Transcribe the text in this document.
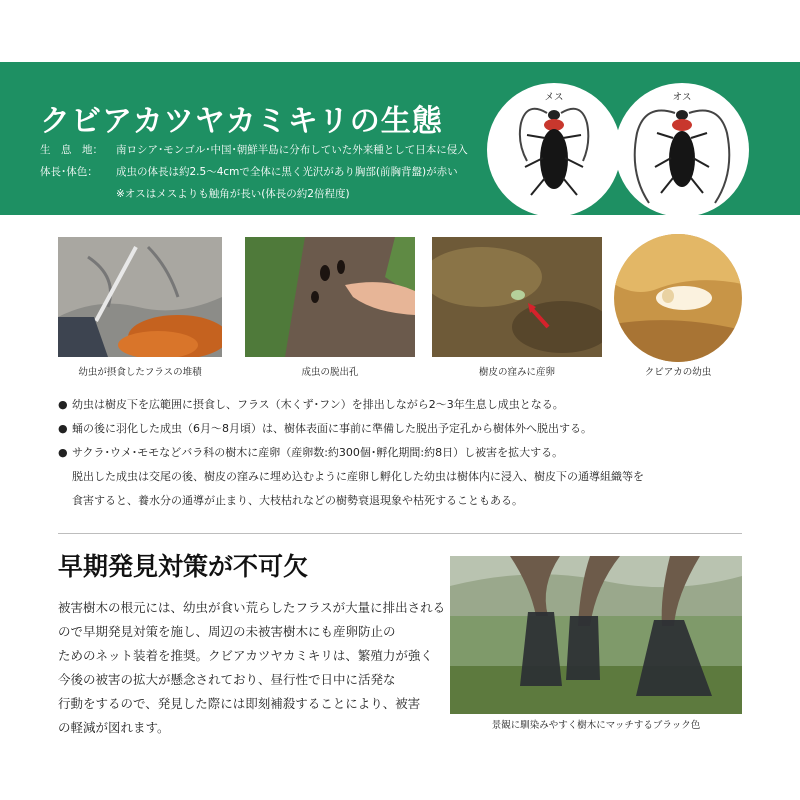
クビアカツヤカミキリの生態
生　息　地： 南ロシア･モンゴル･中国･朝鮮半島に分布していた外来種として日本に侵入
体長･体色： 成虫の体長は約2.5～4cmで全体に黒く光沢があり胸部(前胸背盤)が赤い
※オスはメスよりも触角が長い(体長の約2倍程度)
メス	オス
幼虫が摂食したフラスの堆積	成虫の脱出孔	樹皮の窪みに産卵	クビアカの幼虫
● 幼虫は樹皮下を広範囲に摂食し、フラス（木くず･フン）を排出しながら2～3年生息し成虫となる。
● 蛹の後に羽化した成虫（6月～8月頃）は、樹体表面に事前に準備した脱出予定孔から樹体外へ脱出する。
● サクラ･ウメ･モモなどバラ科の樹木に産卵（産卵数:約300個･孵化期間:約8日）し被害を拡大する。
脱出した成虫は交尾の後、樹皮の窪みに埋め込むように産卵し孵化した幼虫は樹体内に浸入、樹皮下の通導組織等を
食害すると、養水分の通導が止まり、大枝枯れなどの樹勢衰退現象や枯死することもある。
早期発見対策が不可欠
被害樹木の根元には、幼虫が食い荒らしたフラスが大量に排出される
ので早期発見対策を施し、周辺の未被害樹木にも産卵防止の
ためのネット装着を推奨。クビアカツヤカミキリは、繁殖力が強く
今後の被害の拡大が懸念されており、昼行性で日中に活発な
行動をするので、発見した際には即刻補殺することにより、被害
の軽減が図れます。	景観に馴染みやすく樹木にマッチするブラック色
